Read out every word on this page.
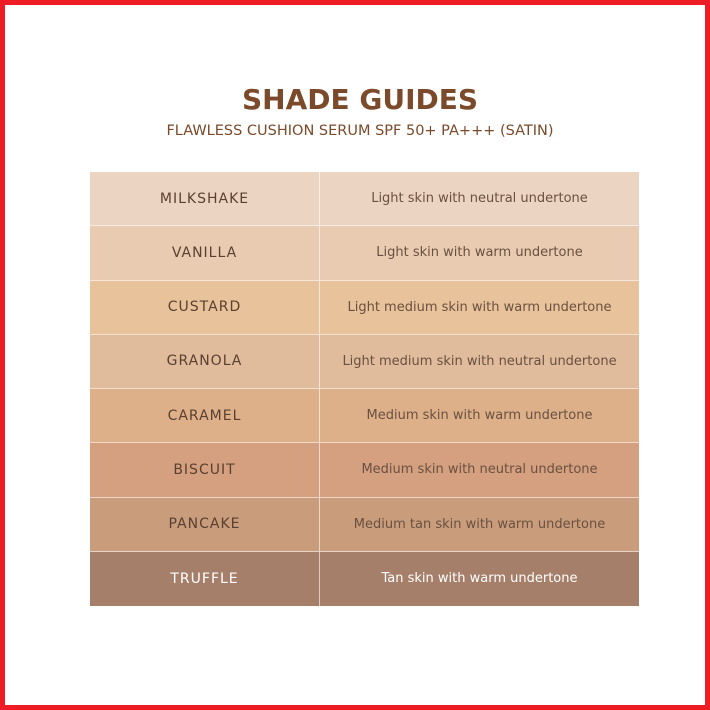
SHADE GUIDES
FLAWLESS CUSHION SERUM SPF 50+ PA+++ (SATIN)
MILKSHAKE	Light skin with neutral undertone
VANILLA	Light skin with warm undertone
CUSTARD	Light medium skin with warm undertone
GRANOLA	Light medium skin with neutral undertone
CARAMEL	Medium skin with warm undertone
BISCUIT	Medium skin with neutral undertone
PANCAKE	Medium tan skin with warm undertone
TRUFFLE	Tan skin with warm undertone
